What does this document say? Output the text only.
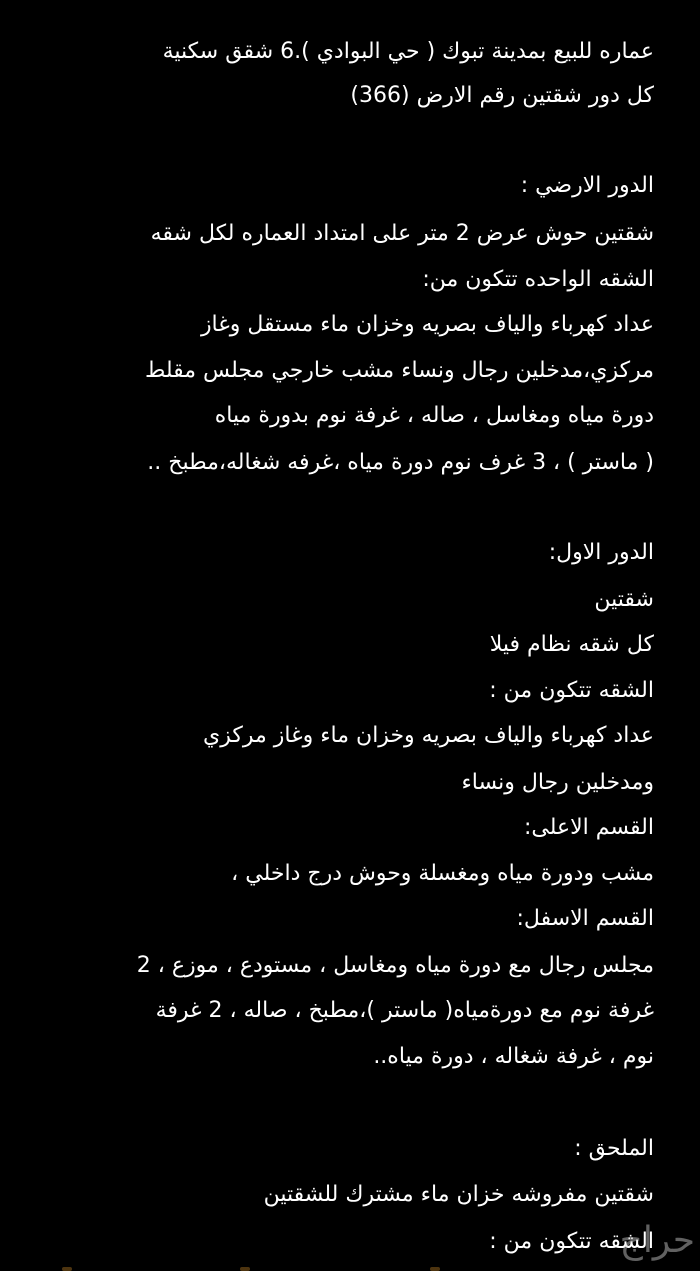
عماره للبيع بمدينة تبوك ( حي البوادي ).6 شقق سكنية
كل دور شقتين رقم الارض (366)
الدور الارضي :
شقتين حوش عرض 2 متر على امتداد العماره لكل شقه
الشقه الواحده تتكون من:
عداد كهرباء والياف بصريه وخزان ماء مستقل وغاز
مركزي،مدخلين رجال ونساء مشب خارجي مجلس مقلط
دورة مياه ومغاسل ، صاله ، غرفة نوم بدورة مياه
( ماستر ) ، 3 غرف نوم دورة مياه ،غرفه شغاله،مطبخ ..
الدور الاول:
شقتين
كل شقه نظام فيلا
الشقه تتكون من :
عداد كهرباء والياف بصريه وخزان ماء وغاز مركزي
ومدخلين رجال ونساء
القسم الاعلى:
مشب ودورة مياه ومغسلة وحوش درج داخلي ،
القسم الاسفل:
مجلس رجال مع دورة مياه ومغاسل ، مستودع ، موزع ، 2
غرفة نوم مع دورةمياه( ماستر )،مطبخ ، صاله ، 2 غرفة
نوم ، غرفة شغاله ، دورة مياه..
الملحق :
شقتين مفروشه خزان ماء مشترك للشقتين
الشقه تتكون من :
حراج
